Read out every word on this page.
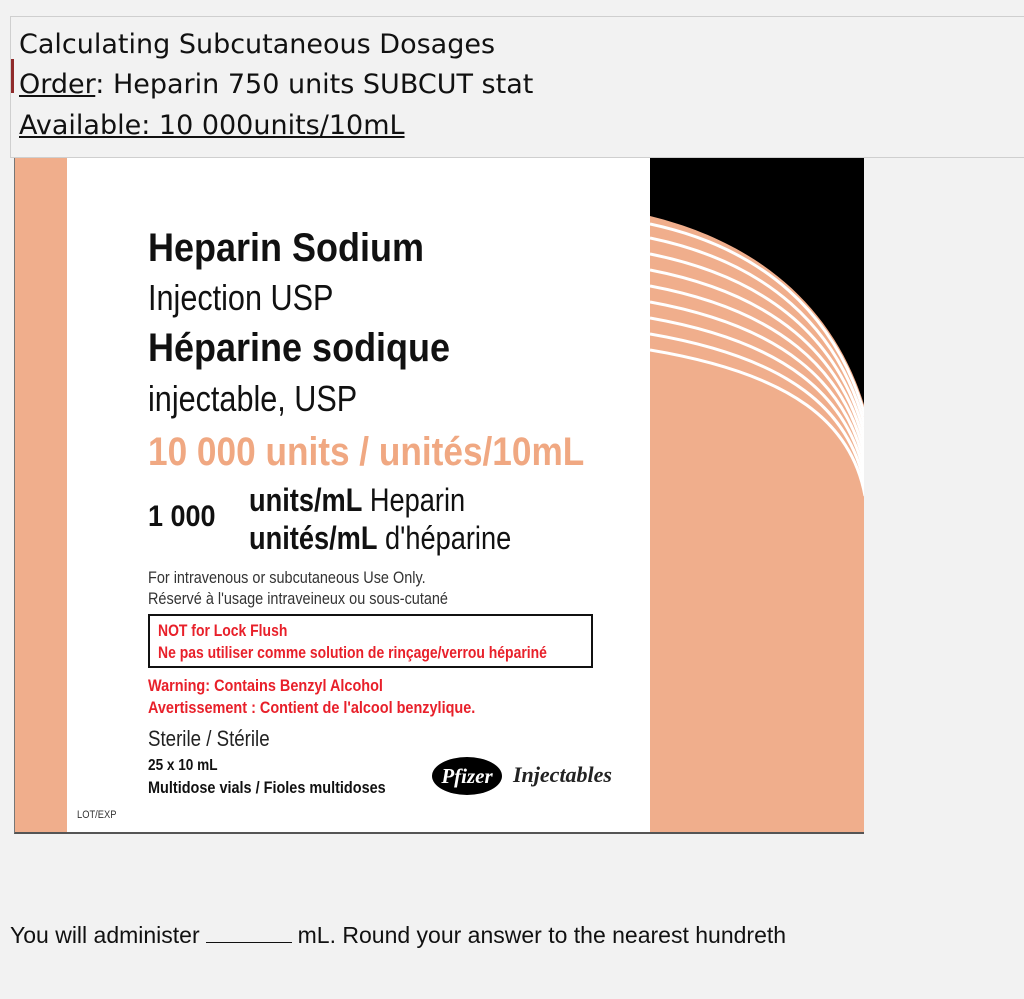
Calculating Subcutaneous Dosages
Order: Heparin 750 units SUBCUT stat
Available: 10 000units/10mL
Heparin Sodium
Injection USP
Héparine sodique
injectable, USP
10 000 units / unités/10mL
1 000 units/mL Heparin
unités/mL d'héparine
For intravenous or subcutaneous Use Only.
Réservé à l'usage intraveineux ou sous-cutané
NOT for Lock Flush
Ne pas utiliser comme solution de rinçage/verrou hépariné
Warning: Contains Benzyl Alcohol
Avertissement : Contient de l'alcool benzylique.
Sterile / Stérile
25 x 10 mL
Multidose vials / Fioles multidoses	Pfizer Injectables
LOT/EXP
You will administer	mL. Round your answer to the nearest hundreth
